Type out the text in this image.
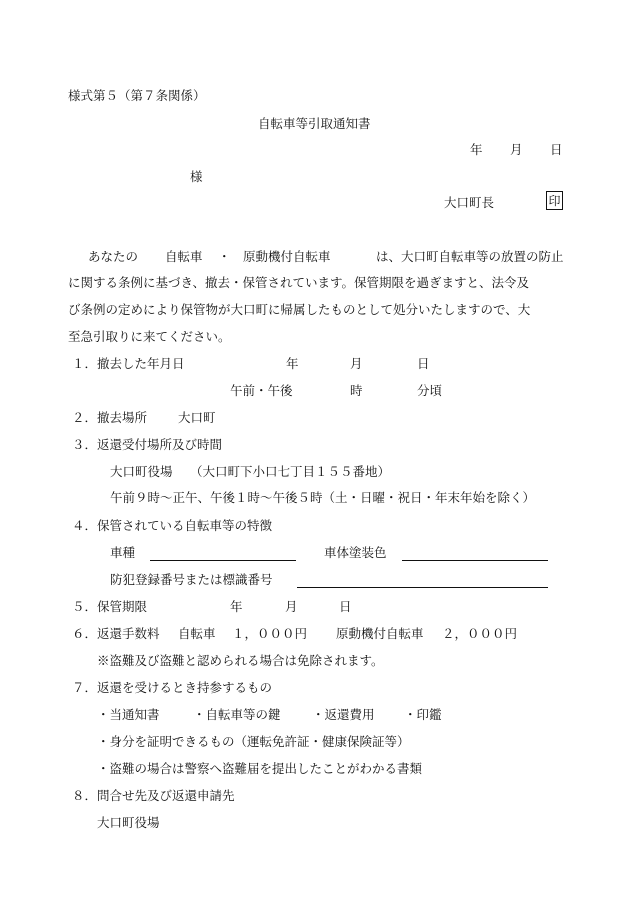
様式第５（第７条関係）
自転車等引取通知書
年 月 日
様
大口町長	印
あなたの 自転車 ・ 原動機付自転車	は、大口町自転車等の放置の防止
に関する条例に基づき、撤去・保管されています。保管期限を過ぎますと、法令及
び条例の定めにより保管物が大口町に帰属したものとして処分いたしますので、大
至急引取りに来てください。
１．撤去した年月日	年	月	日
午前・午後	時	分頃
２．撤去場所 大口町
３．返還受付場所及び時間
大口町役場 （大口町下小口七丁目１５５番地）
午前９時～正午、午後１時～午後５時（土・日曜・祝日・年末年始を除く）
４．保管されている自転車等の特徴
車種	車体塗装色
防犯登録番号または標識番号
５．保管期限	年	月	日
６．返還手数料 自転車 １，０００円 原動機付自転車 ２，０００円
※盗難及び盗難と認められる場合は免除されます。
７．返還を受けるとき持参するもの
・当通知書	・自転車等の鍵	・返還費用 ・印鑑
・身分を証明できるもの（運転免許証・健康保険証等）
・盗難の場合は警察へ盗難届を提出したことがわかる書類
８．問合せ先及び返還申請先
大口町役場
